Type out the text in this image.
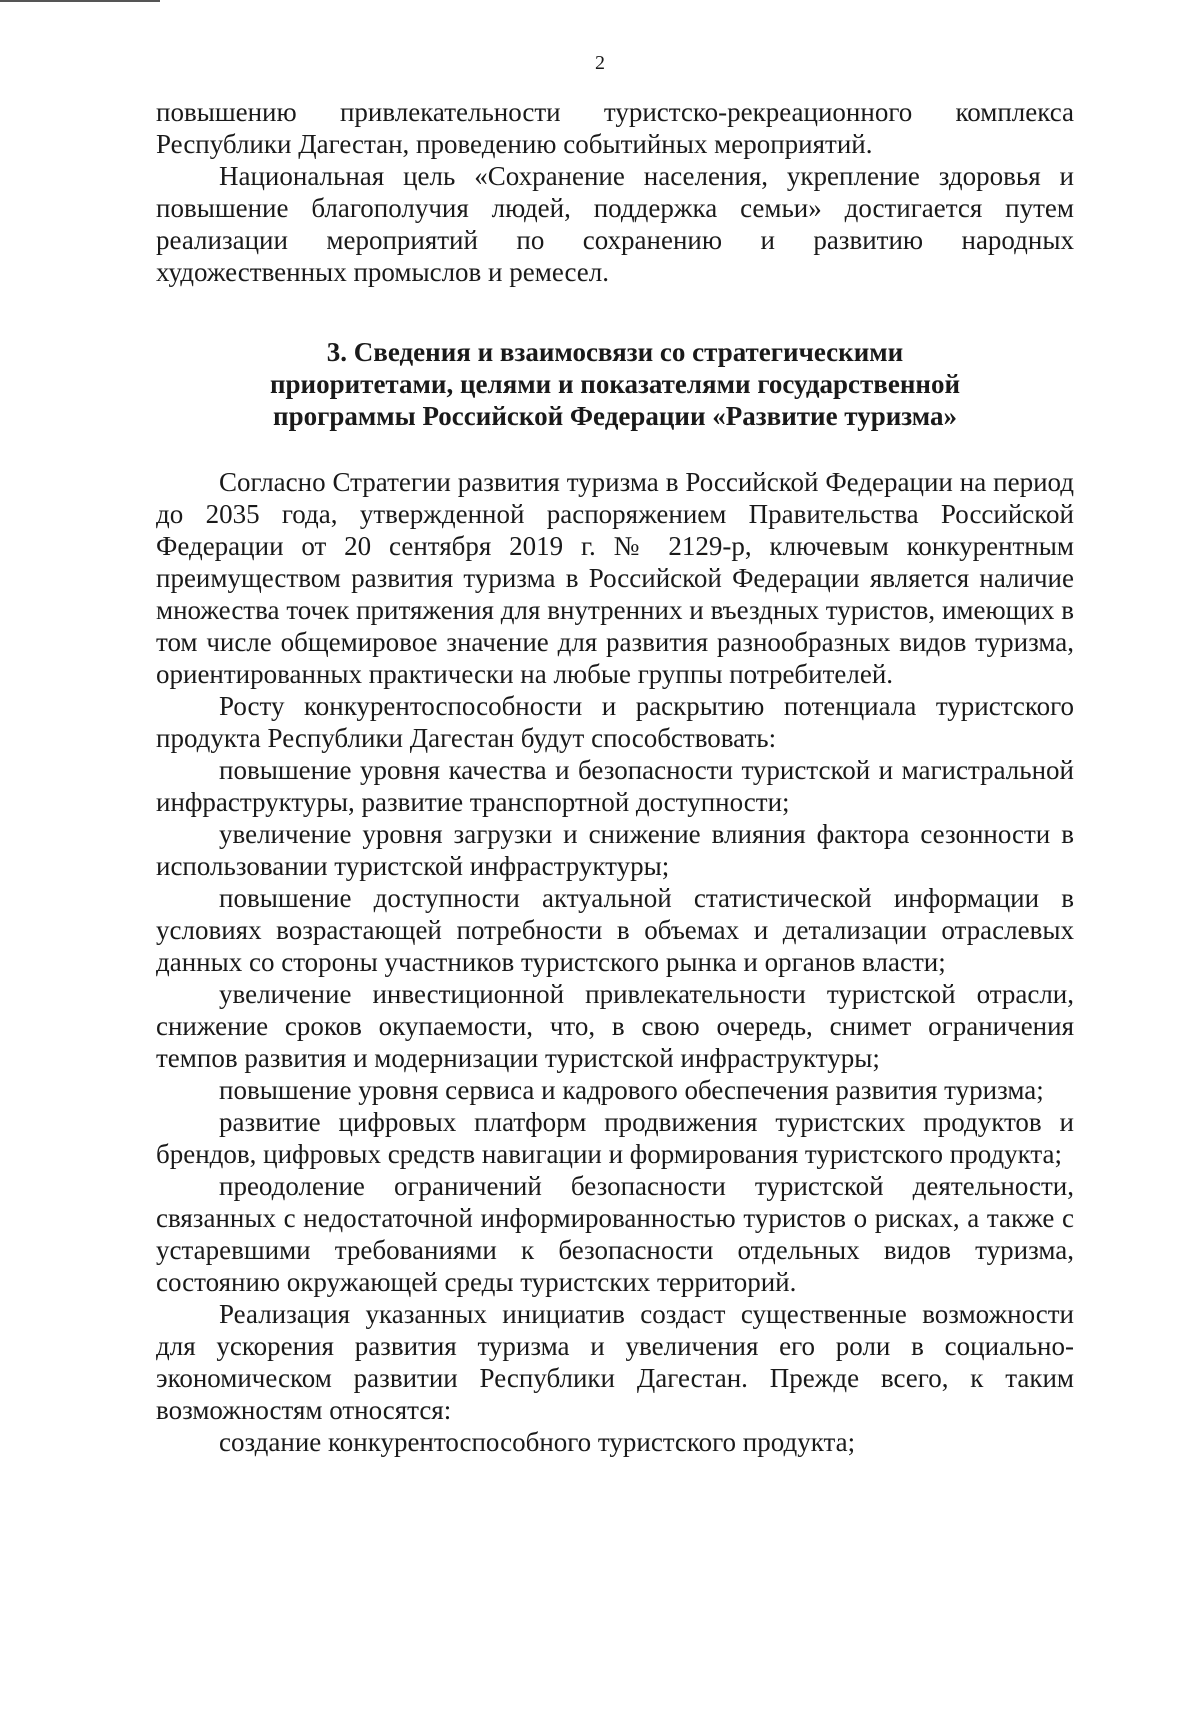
2

повышению привлекательности туристско-рекреационного комплекса Республики Дагестан, проведению событийных мероприятий.

Национальная цель «Сохранение населения, укрепление здоровья и повышение благополучия людей, поддержка семьи» достигается путем реализации мероприятий по сохранению и развитию народных художественных промыслов и ремесел.

3. Сведения и взаимосвязи со стратегическими
приоритетами, целями и показателями государственной
программы Российской Федерации «Развитие туризма»

Согласно Стратегии развития туризма в Российской Федерации на период до 2035 года, утвержденной распоряжением Правительства Российской Федерации от 20 сентября 2019 г. № 2129-р, ключевым конкурентным преимуществом развития туризма в Российской Федерации является наличие множества точек притяжения для внутренних и въездных туристов, имеющих в том числе общемировое значение для развития разнообразных видов туризма, ориентированных практически на любые группы потребителей.

Росту конкурентоспособности и раскрытию потенциала туристского продукта Республики Дагестан будут способствовать:

повышение уровня качества и безопасности туристской и магистральной инфраструктуры, развитие транспортной доступности;

увеличение уровня загрузки и снижение влияния фактора сезонности в использовании туристской инфраструктуры;

повышение доступности актуальной статистической информации в условиях возрастающей потребности в объемах и детализации отраслевых данных со стороны участников туристского рынка и органов власти;

увеличение инвестиционной привлекательности туристской отрасли, снижение сроков окупаемости, что, в свою очередь, снимет ограничения темпов развития и модернизации туристской инфраструктуры;

повышение уровня сервиса и кадрового обеспечения развития туризма;

развитие цифровых платформ продвижения туристских продуктов и брендов, цифровых средств навигации и формирования туристского продукта;

преодоление ограничений безопасности туристской деятельности, связанных с недостаточной информированностью туристов о рисках, а также с устаревшими требованиями к безопасности отдельных видов туризма, состоянию окружающей среды туристских территорий.

Реализация указанных инициатив создаст существенные возможности для ускорения развития туризма и увеличения его роли в социально-экономическом развитии Республики Дагестан. Прежде всего, к таким возможностям относятся:

создание конкурентоспособного туристского продукта;
